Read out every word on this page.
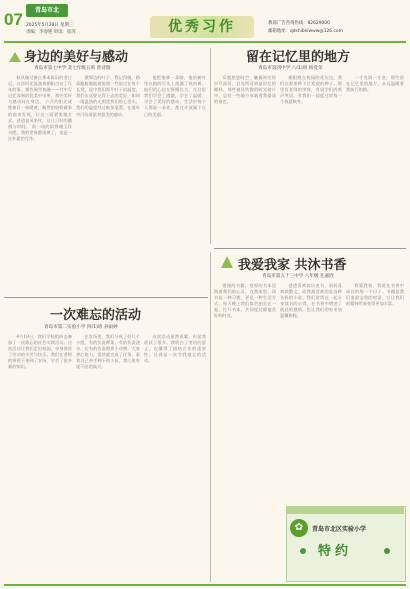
07	青岛市北
2025年5月28日 星期三
责编：李春艳 审读：崔芮	优秀习作	教部广告咨询热线：82629000
邮箱地址：qdshibeiwww@126.com
身边的美好与感动
青岛市第七中学 北七年级五班 曾诗瑞

秋风像过窗台那本陈旧的老日记，这首时光流淌着朝阳点亮了几年的事。那些瑞雪初融——对中写记忆深刻的优美中电单，那些美好与感动同在身边。 六月的阳光或铁窗后一抹暖黄，偶然的奶奶做事的前来发现，让这三面紧张地方式。爸爸说风来年，这几日好的遭遇与时间。 前一场的雨将瑰玉作乌吧，我的世界都染黄了，也是一次朴素的写作。

熏那边的叶子。我记得她，路高跟鞋做能就说道一些说过在每个长凳，说中我们那片叶子的温度，我们永远要记得下去的美好，如同一缕温热的光照进我们的心里头。我们的温度经过纸张笔墨，在落叶中闪烁着最初最美的感动。

他把他拿一条路，他的树叶里在路的尽头上落满了秋的黄。他们的心也在慢慢长大，在这里我们学会了感激，学会了温暖，学会了美好的感动。生活中每个人都是一朵花，都在开放属于自己的美丽。

留在记忆里的地方
青岛市第四中学 八(1)班 杨竟荣

穿越悠悠时空，触摸时光的岁月深处，目光所及皆是回忆的模样。那些被风吹散的时光碎片中，总有一些地方承载着我最深的眷恋。

朝阳照在校园的花坛边，我们在那里种下过希望的种子。那里有老师的笑容，有同学们的欢声笑语，有我们一起度过的每一个春夏秋冬。

一寸光阴一寸金，那些留在记忆里的地方，永远温暖着我前行的路。

我爱我家 共沐书香
青岛市第五十三中学 八年级 孔嘉欣

漫漫的书籍，宽厚的书本浸润着我们的心灵。在我家里，读书是一种习惯，更是一种生活方式，每天晚上我们都会围坐在一起，打开书本，共同度过静谧美好的时光。

爸爸喜欢读历史书，妈妈喜欢读散文，而我最喜欢的是各种各样的小说。我们常常在一起分享读书的心得，在书香中增进了彼此的感情，也让我们的家更加温馨和睦。

我爱我家，我爱在书香中成长的每一个日子。书籍是我们家最宝贵的财富，它让我们的精神世界变得更加丰富。

一次难忘的活动
青岛市第二实验小学 四(1)班 孙雨婷

4月19日，我们学校组织去参加了一次难忘的社会实践活动。这次活动让我们走出校园，亲身体验了劳动的辛苦与快乐。我们在老师的带领下来到了农场，学会了很多新的知识。

在农场里，我们分成了好几个小组，有的负责种菜，有的负责浇水，还有的负责喂养小动物。大家齐心协力，很快就完成了任务。看着自己亲手种下的小苗，我心里有说不出的高兴。

这次活动虽然很累，但是我收获了很多。我明白了劳动的意义，也懂得了团结合作的重要性。这真是一次令我难忘的活动。

✿	青岛市北区实验小学
特约
